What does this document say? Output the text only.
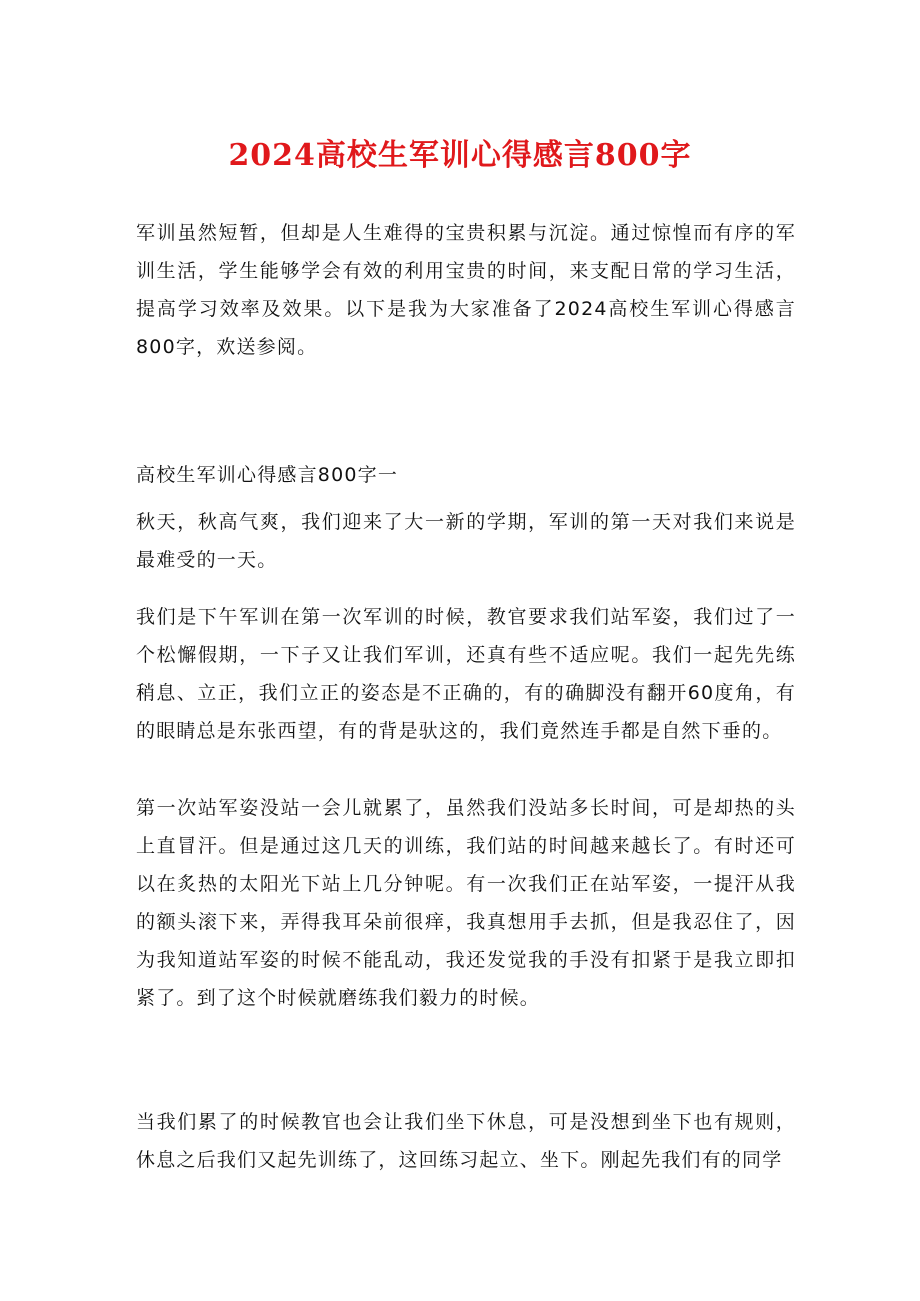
2024高校生军训心得感言800字

军训虽然短暂，但却是人生难得的宝贵积累与沉淀。通过惊惶而有序的军训生活，学生能够学会有效的利用宝贵的时间，来支配日常的学习生活，提高学习效率及效果。以下是我为大家准备了2024高校生军训心得感言800字，欢送参阅。

高校生军训心得感言800字一

秋天，秋高气爽，我们迎来了大一新的学期，军训的第一天对我们来说是最难受的一天。

我们是下午军训在第一次军训的时候，教官要求我们站军姿，我们过了一个松懈假期，一下子又让我们军训，还真有些不适应呢。我们一起先先练稍息、立正，我们立正的姿态是不正确的，有的确脚没有翻开60度角，有的眼睛总是东张西望，有的背是驮这的，我们竟然连手都是自然下垂的。

第一次站军姿没站一会儿就累了，虽然我们没站多长时间，可是却热的头上直冒汗。但是通过这几天的训练，我们站的时间越来越长了。有时还可以在炙热的太阳光下站上几分钟呢。有一次我们正在站军姿，一提汗从我的额头滚下来，弄得我耳朵前很痒，我真想用手去抓，但是我忍住了，因为我知道站军姿的时候不能乱动，我还发觉我的手没有扣紧于是我立即扣紧了。到了这个时候就磨练我们毅力的时候。

当我们累了的时候教官也会让我们坐下休息，可是没想到坐下也有规则，休息之后我们又起先训练了，这回练习起立、坐下。刚起先我们有的同学
